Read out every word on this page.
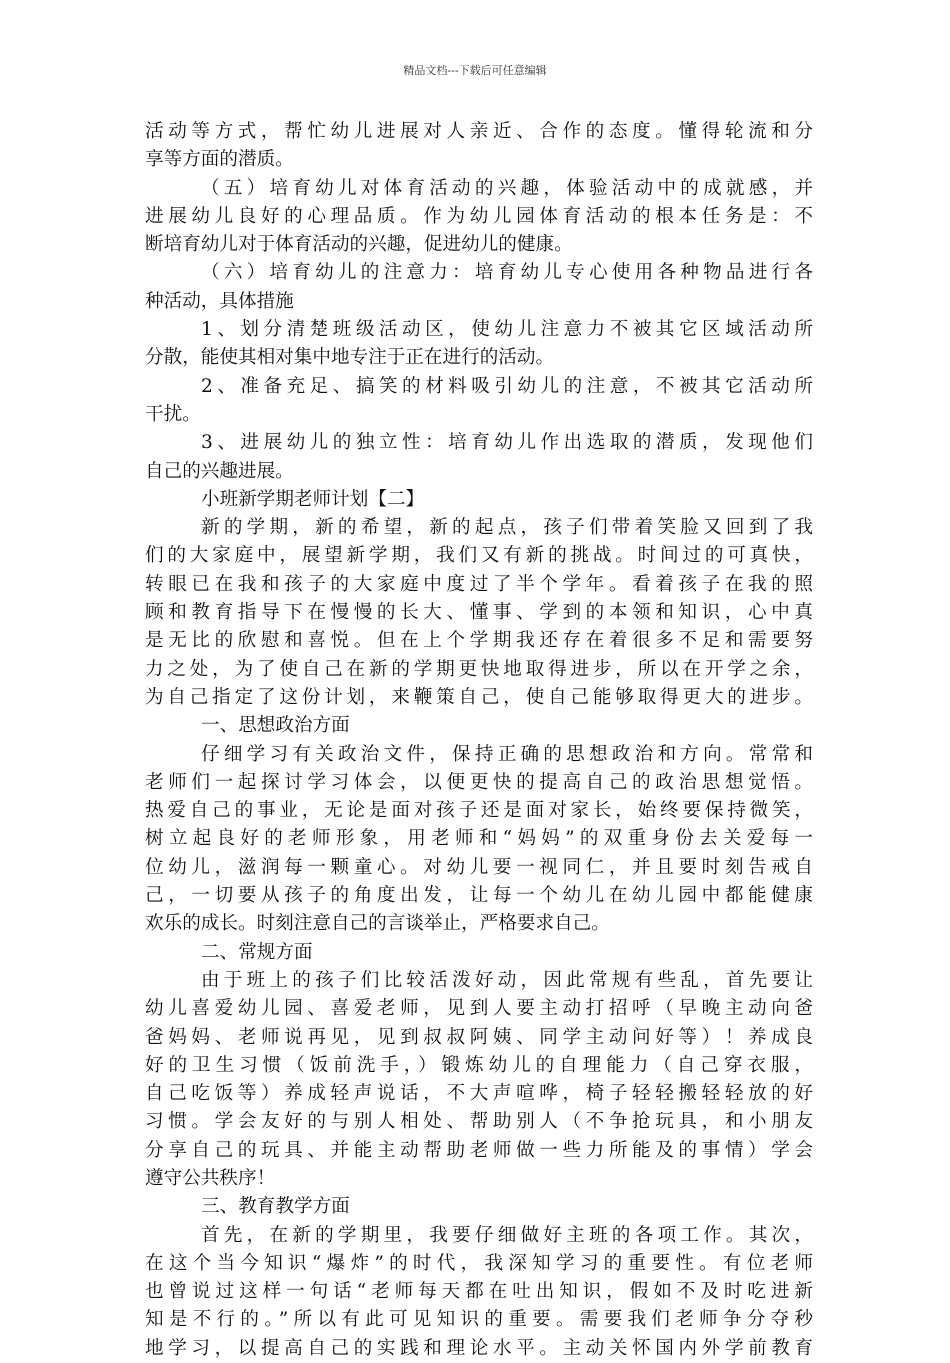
精品文档---下载后可任意编辑
活动等方式，帮忙幼儿进展对人亲近、合作的态度。懂得轮流和分
享等方面的潜质。
（五）培育幼儿对体育活动的兴趣，体验活动中的成就感，并
进展幼儿良好的心理品质。作为幼儿园体育活动的根本任务是：不
断培育幼儿对于体育活动的兴趣，促进幼儿的健康。
（六）培育幼儿的注意力：培育幼儿专心使用各种物品进行各
种活动，具体措施
1、划分清楚班级活动区，使幼儿注意力不被其它区域活动所
分散，能使其相对集中地专注于正在进行的活动。
2、准备充足、搞笑的材料吸引幼儿的注意，不被其它活动所
干扰。
3、进展幼儿的独立性：培育幼儿作出选取的潜质，发现他们
自己的兴趣进展。
小班新学期老师计划【二】
新的学期，新的希望，新的起点，孩子们带着笑脸又回到了我
们的大家庭中，展望新学期，我们又有新的挑战。时间过的可真快，
转眼已在我和孩子的大家庭中度过了半个学年。看着孩子在我的照
顾和教育指导下在慢慢的长大、懂事、学到的本领和知识，心中真
是无比的欣慰和喜悦。但在上个学期我还存在着很多不足和需要努
力之处，为了使自己在新的学期更快地取得进步，所以在开学之余，
为自己指定了这份计划，来鞭策自己，使自己能够取得更大的进步。
一、思想政治方面
仔细学习有关政治文件，保持正确的思想政治和方向。常常和
老师们一起探讨学习体会，以便更快的提高自己的政治思想觉悟。
热爱自己的事业，无论是面对孩子还是面对家长，始终要保持微笑，
树立起良好的老师形象，用老师和“妈妈”的双重身份去关爱每一
位幼儿，滋润每一颗童心。对幼儿要一视同仁，并且要时刻告戒自
己，一切要从孩子的角度出发，让每一个幼儿在幼儿园中都能健康
欢乐的成长。时刻注意自己的言谈举止，严格要求自己。
二、常规方面
由于班上的孩子们比较活泼好动，因此常规有些乱，首先要让
幼儿喜爱幼儿园、喜爱老师，见到人要主动打招呼（早晚主动向爸
爸妈妈、老师说再见，见到叔叔阿姨、同学主动问好等）！养成良
好的卫生习惯（饭前洗手，）锻炼幼儿的自理能力（自己穿衣服，
自己吃饭等）养成轻声说话，不大声喧哗，椅子轻轻搬轻轻放的好
习惯。学会友好的与别人相处、帮助别人（不争抢玩具，和小朋友
分享自己的玩具、并能主动帮助老师做一些力所能及的事情）学会
遵守公共秩序！
三、教育教学方面
首先，在新的学期里，我要仔细做好主班的各项工作。其次，
在这个当今知识“爆炸”的时代，我深知学习的重要性。有位老师
也曾说过这样一句话“老师每天都在吐出知识，假如不及时吃进新
知是不行的。”所以有此可见知识的重要。需要我们老师争分夺秒
地学习，以提高自己的实践和理论水平。主动关怀国内外学前教育
